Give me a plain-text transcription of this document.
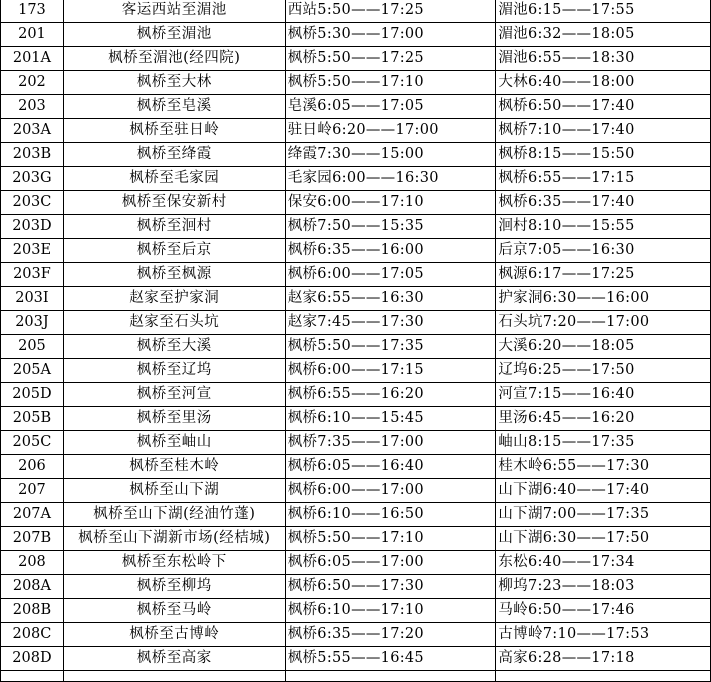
173	客运西站至湄池	西站5:50——17:25	湄池6:15——17:55
201	枫桥至湄池	枫桥5:30——17:00	湄池6:32——18:05
201A	枫桥至湄池(经四院)	枫桥5:50——17:25	湄池6:55——18:30
202	枫桥至大林	枫桥5:50——17:10	大林6:40——18:00
203	枫桥至皂溪	皂溪6:05——17:05	枫桥6:50——17:40
203A	枫桥至驻日岭	驻日岭6:20——17:00	枫桥7:10——17:40
203B	枫桥至绛霞	绛霞7:30——15:00	枫桥8:15——15:50
203G	枫桥至毛家园	毛家园6:00——16:30	枫桥6:55——17:15
203C	枫桥至保安新村	保安6:00——17:10	枫桥6:35——17:40
203D	枫桥至洄村	枫桥7:50——15:35	洄村8:10——15:55
203E	枫桥至后京	枫桥6:35——16:00	后京7:05——16:30
203F	枫桥至枫源	枫桥6:00——17:05	枫源6:17——17:25
203I	赵家至护家洞	赵家6:55——16:30	护家洞6:30——16:00
203J	赵家至石头坑	赵家7:45——17:30	石头坑7:20——17:00
205	枫桥至大溪	枫桥5:50——17:35	大溪6:20——18:05
205A	枫桥至辽坞	枫桥6:00——17:15	辽坞6:25——17:50
205D	枫桥至河宣	枫桥6:55——16:20	河宣7:15——16:40
205B	枫桥至里汤	枫桥6:10——15:45	里汤6:45——16:20
205C	枫桥至岫山	枫桥7:35——17:00	岫山8:15——17:35
206	枫桥至桂木岭	枫桥6:05——16:40	桂木岭6:55——17:30
207	枫桥至山下湖	枫桥6:00——17:00	山下湖6:40——17:40
207A	枫桥至山下湖(经油竹蓬)	枫桥6:10——16:50	山下湖7:00——17:35
207B	枫桥至山下湖新市场(经桔城)	枫桥5:50——17:10	山下湖6:30——17:50
208	枫桥至东松岭下	枫桥6:05——17:00	东松6:40——17:34
208A	枫桥至柳坞	枫桥6:50——17:30	柳坞7:23——18:03
208B	枫桥至马岭	枫桥6:10——17:10	马岭6:50——17:46
208C	枫桥至古博岭	枫桥6:35——17:20	古博岭7:10——17:53
208D	枫桥至高家	枫桥5:55——16:45	高家6:28——17:18
